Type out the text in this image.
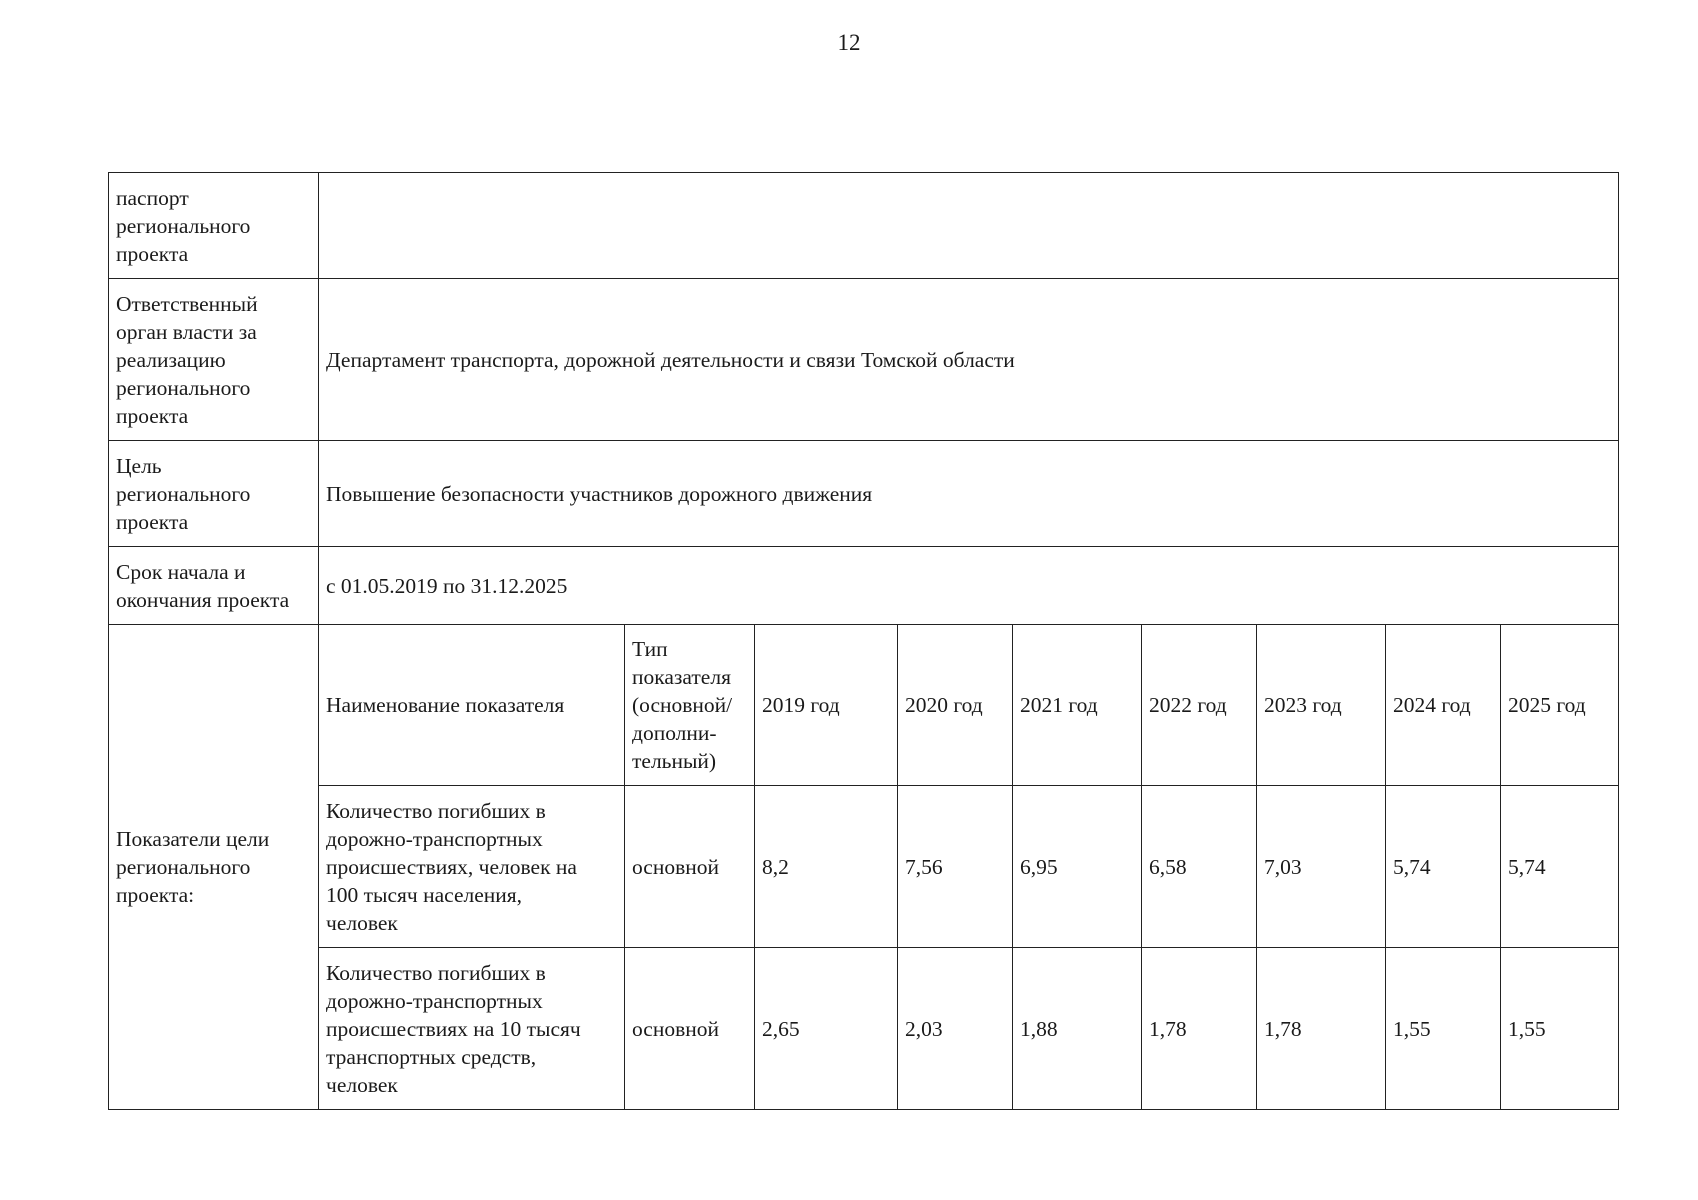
12
паспорт
регионального
проекта									

Ответственный
орган власти за
реализацию
регионального
проекта	Департамент транспорта, дорожной деятельности и связи Томской области								

Цель
регионального
проекта	Повышение безопасности участников дорожного движения								

Срок начала и
окончания проекта	с 01.05.2019 по 31.12.2025								

Показатели цели
регионального
проекта:	Наименование показателя	Тип
показателя
(основной/
дополни-
тельный)	2019 год	2020 год	2021 год	2022 год	2023 год	2024 год	2025 год

	Количество погибших в
дорожно-транспортных
происшествиях, человек на
100 тысяч населения,
человек	основной	8,2	7,56	6,95	6,58	7,03	5,74	5,74

	Количество погибших в
дорожно-транспортных
происшествиях на 10 тысяч
транспортных средств,
человек	основной	2,65	2,03	1,88	1,78	1,78	1,55	1,55
